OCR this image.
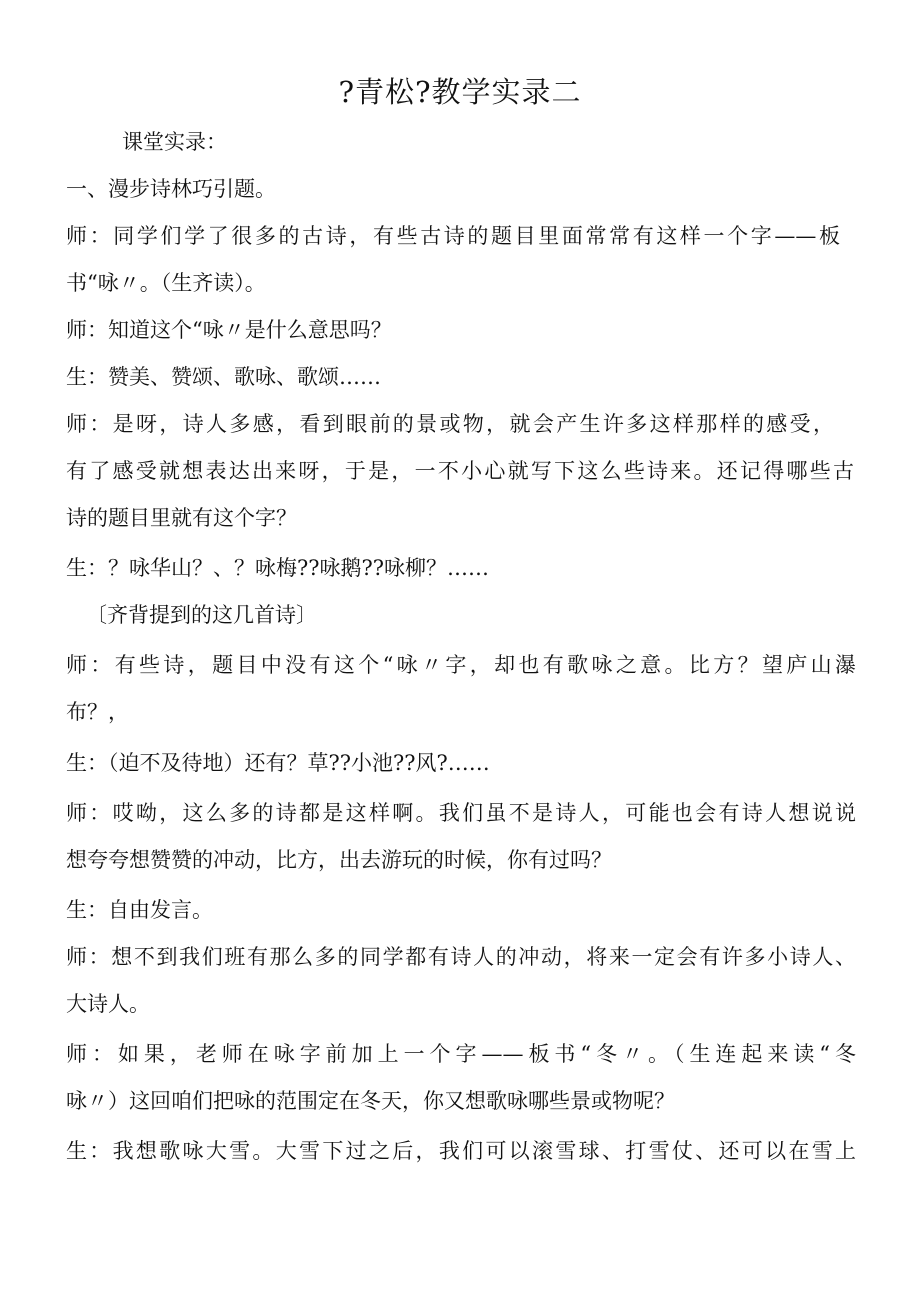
?青松?教学实录二
课堂实录：
一、漫步诗林巧引题。
师：同学们学了很多的古诗，有些古诗的题目里面常常有这样一个字——板
书“咏〃。（生齐读）。
师：知道这个“咏〃是什么意思吗？
生：赞美、赞颂、歌咏、歌颂……
师：是呀，诗人多感，看到眼前的景或物，就会产生许多这样那样的感受，
有了感受就想表达出来呀，于是，一不小心就写下这么些诗来。还记得哪些古
诗的题目里就有这个字？
生：？咏华山？、？咏梅??咏鹅??咏柳？……
〔齐背提到的这几首诗〕
师：有些诗，题目中没有这个“咏〃字，却也有歌咏之意。比方？望庐山瀑
布？，
生：（迫不及待地）还有？草??小池??风?……
师：哎呦，这么多的诗都是这样啊。我们虽不是诗人，可能也会有诗人想说说
想夸夸想赞赞的冲动，比方，出去游玩的时候，你有过吗？
生：自由发言。
师：想不到我们班有那么多的同学都有诗人的冲动，将来一定会有许多小诗人、
大诗人。
师：如果，老师在咏字前加上一个字——板书“冬〃。（生连起来读“冬
咏〃）这回咱们把咏的范围定在冬天，你又想歌咏哪些景或物呢？
生：我想歌咏大雪。大雪下过之后，我们可以滚雪球、打雪仗、还可以在雪上
